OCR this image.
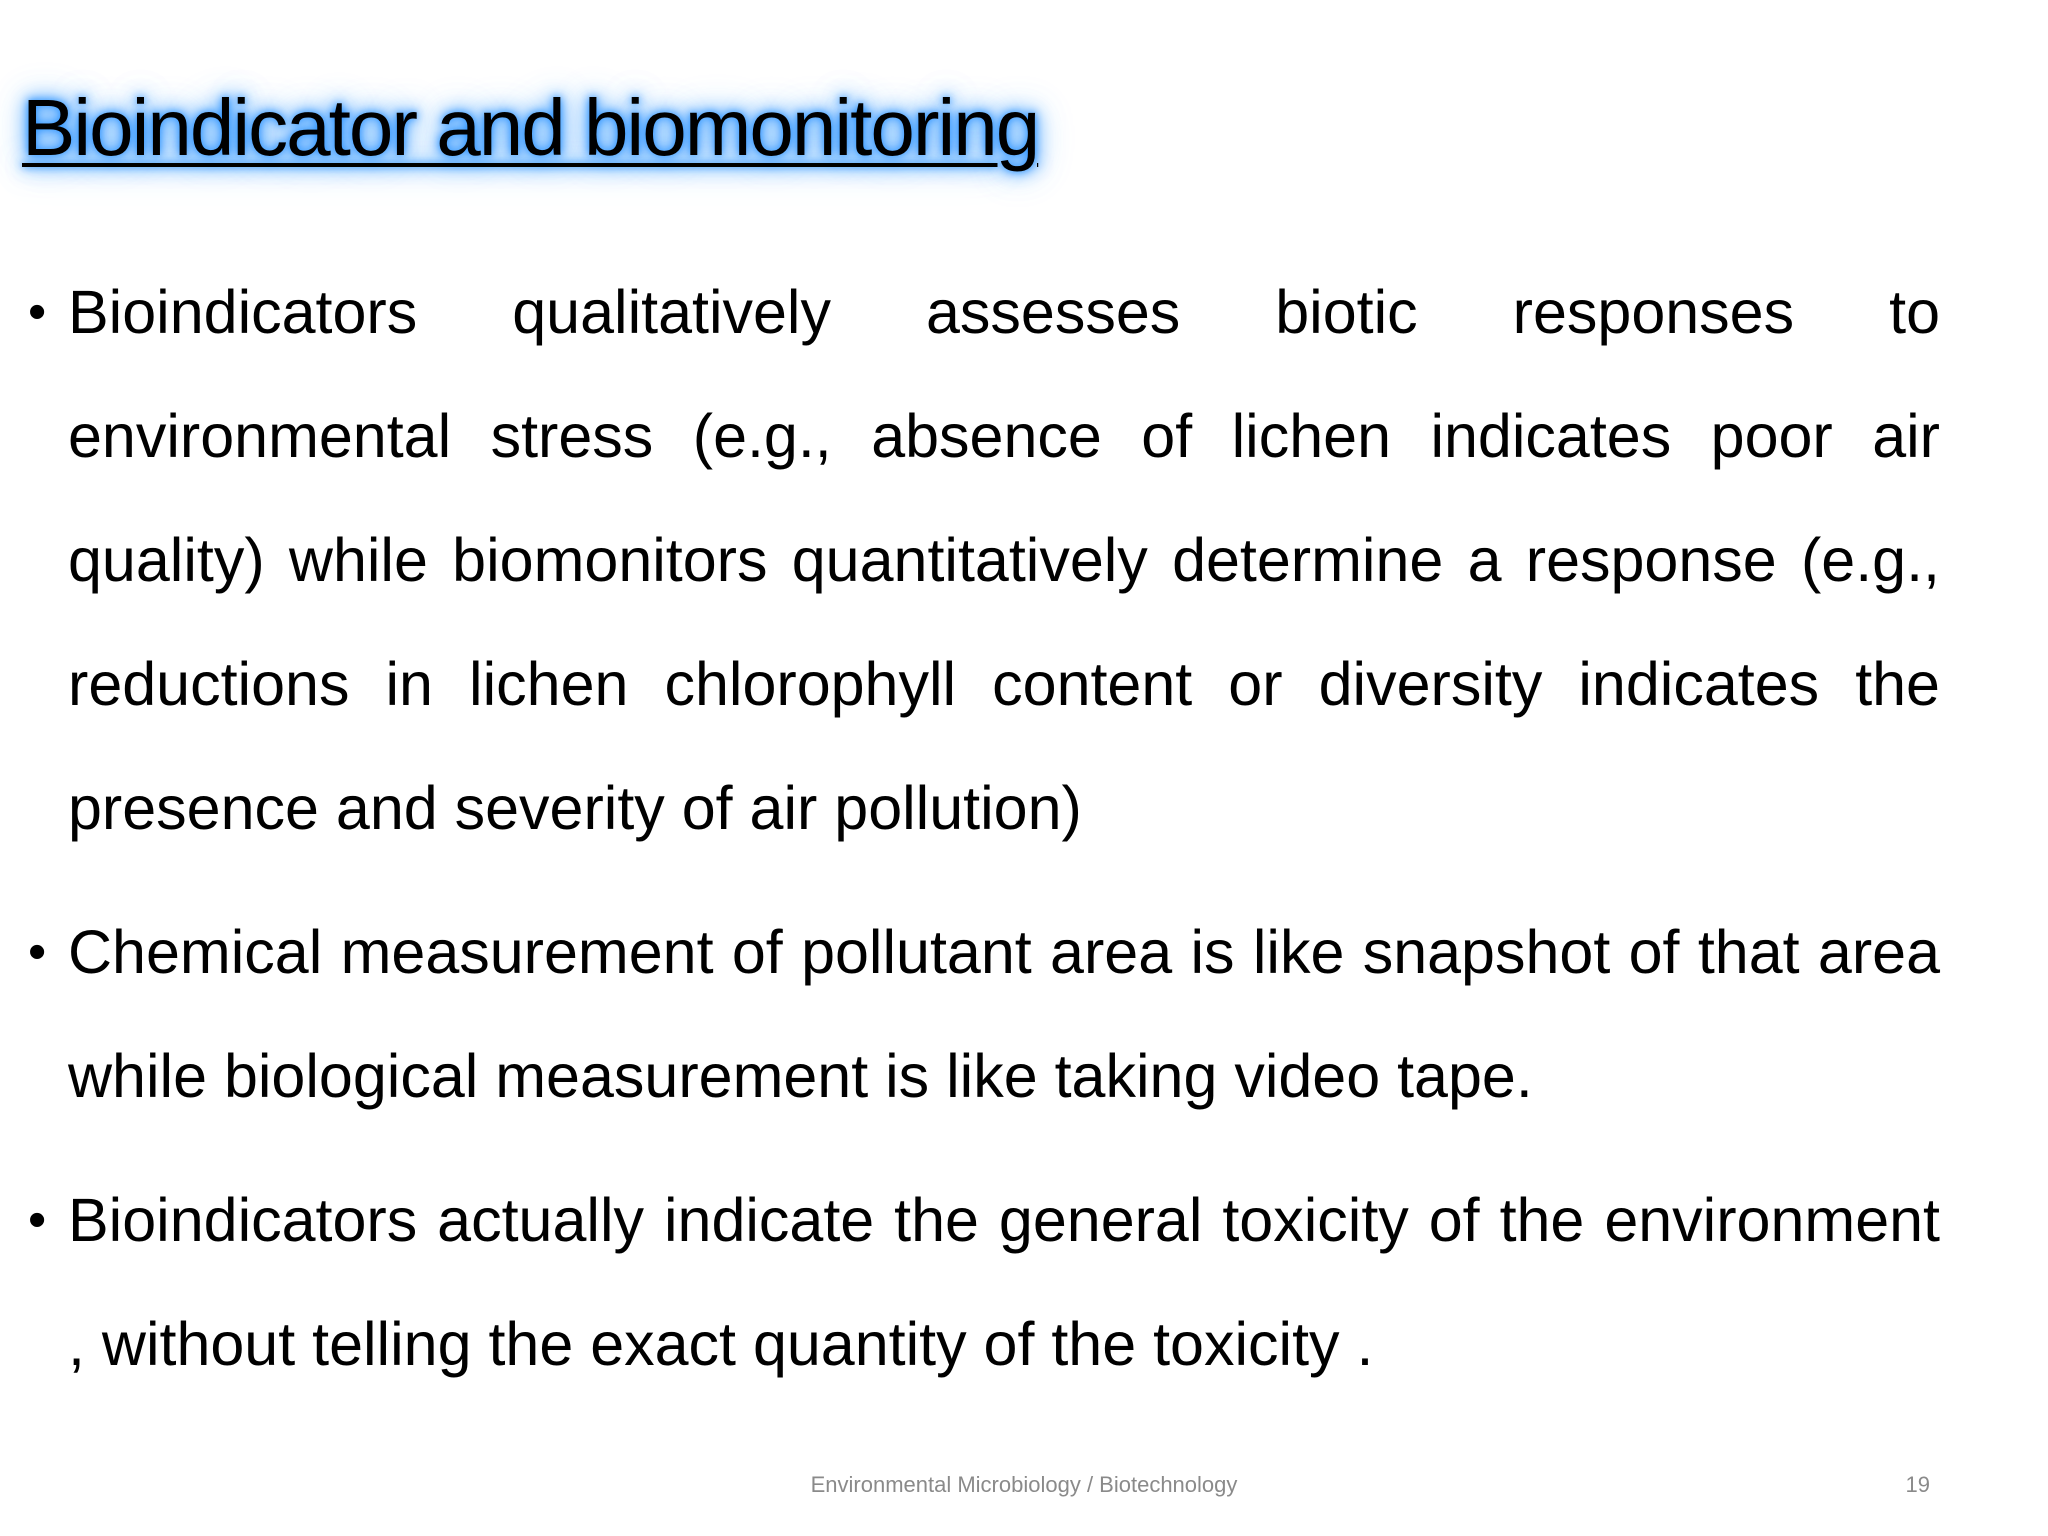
Bioindicator and biomonitoring
• Bioindicators qualitatively assesses biotic responses to environmental stress (e.g., absence of lichen indicates poor air quality) while biomonitors quantitatively determine a response (e.g., reductions in lichen chlorophyll content or diversity indicates the presence and severity of air pollution)
• Chemical measurement of pollutant area is like snapshot of that area while biological measurement is like taking video tape.
• Bioindicators actually indicate the general toxicity of the environment , without telling the exact quantity of the toxicity .
Environmental Microbiology / Biotechnology	19
